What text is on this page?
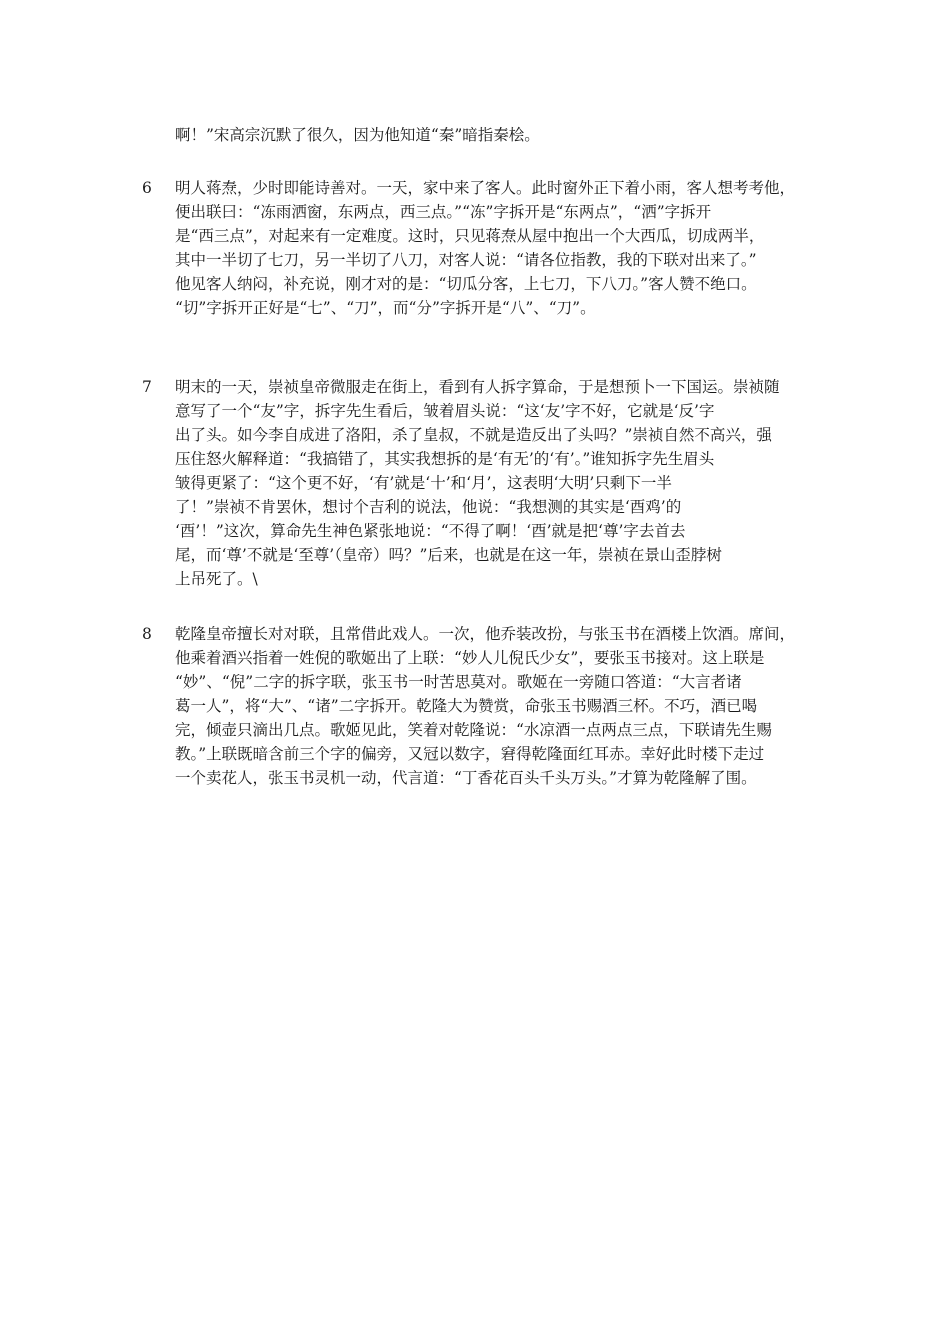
啊！”宋高宗沉默了很久，因为他知道“秦”暗指秦桧。
6 明人蒋焘，少时即能诗善对。一天，家中来了客人。此时窗外正下着小雨，客人想考考他，
便出联曰：“冻雨洒窗，东两点，西三点。”“冻”字拆开是“东两点”，“洒”字拆开
是“西三点”，对起来有一定难度。这时，只见蒋焘从屋中抱出一个大西瓜，切成两半，
其中一半切了七刀，另一半切了八刀，对客人说：“请各位指教，我的下联对出来了。”
他见客人纳闷，补充说，刚才对的是：“切瓜分客，上七刀，下八刀。”客人赞不绝口。
“切”字拆开正好是“七”、“刀”，而“分”字拆开是“八”、“刀”。
7 明末的一天，崇祯皇帝微服走在街上，看到有人拆字算命，于是想预卜一下国运。崇祯随
意写了一个“友”字，拆字先生看后，皱着眉头说：“这‘友’字不好，它就是‘反’字
出了头。如今李自成进了洛阳，杀了皇叔，不就是造反出了头吗？”崇祯自然不高兴，强
压住怒火解释道：“我搞错了，其实我想拆的是‘有无’的‘有’。”谁知拆字先生眉头
皱得更紧了：“这个更不好，‘有’就是‘十’和‘月’，这表明‘大明’只剩下一半
了！”崇祯不肯罢休，想讨个吉利的说法，他说：“我想测的其实是‘酉鸡’的
‘酉’！”这次，算命先生神色紧张地说：“不得了啊！‘酉’就是把‘尊’字去首去
尾，而‘尊’不就是‘至尊’（皇帝）吗？”后来，也就是在这一年，崇祯在景山歪脖树
上吊死了。\
8 乾隆皇帝擅长对对联，且常借此戏人。一次，他乔装改扮，与张玉书在酒楼上饮酒。席间，
他乘着酒兴指着一姓倪的歌姬出了上联：“妙人儿倪氏少女”，要张玉书接对。这上联是
“妙”、“倪”二字的拆字联，张玉书一时苦思莫对。歌姬在一旁随口答道：“大言者诸
葛一人”，将“大”、“诸”二字拆开。乾隆大为赞赏，命张玉书赐酒三杯。不巧，酒已喝
完，倾壶只滴出几点。歌姬见此，笑着对乾隆说：“水凉酒一点两点三点，下联请先生赐
教。”上联既暗含前三个字的偏旁，又冠以数字，窘得乾隆面红耳赤。幸好此时楼下走过
一个卖花人，张玉书灵机一动，代言道：“丁香花百头千头万头。”才算为乾隆解了围。
